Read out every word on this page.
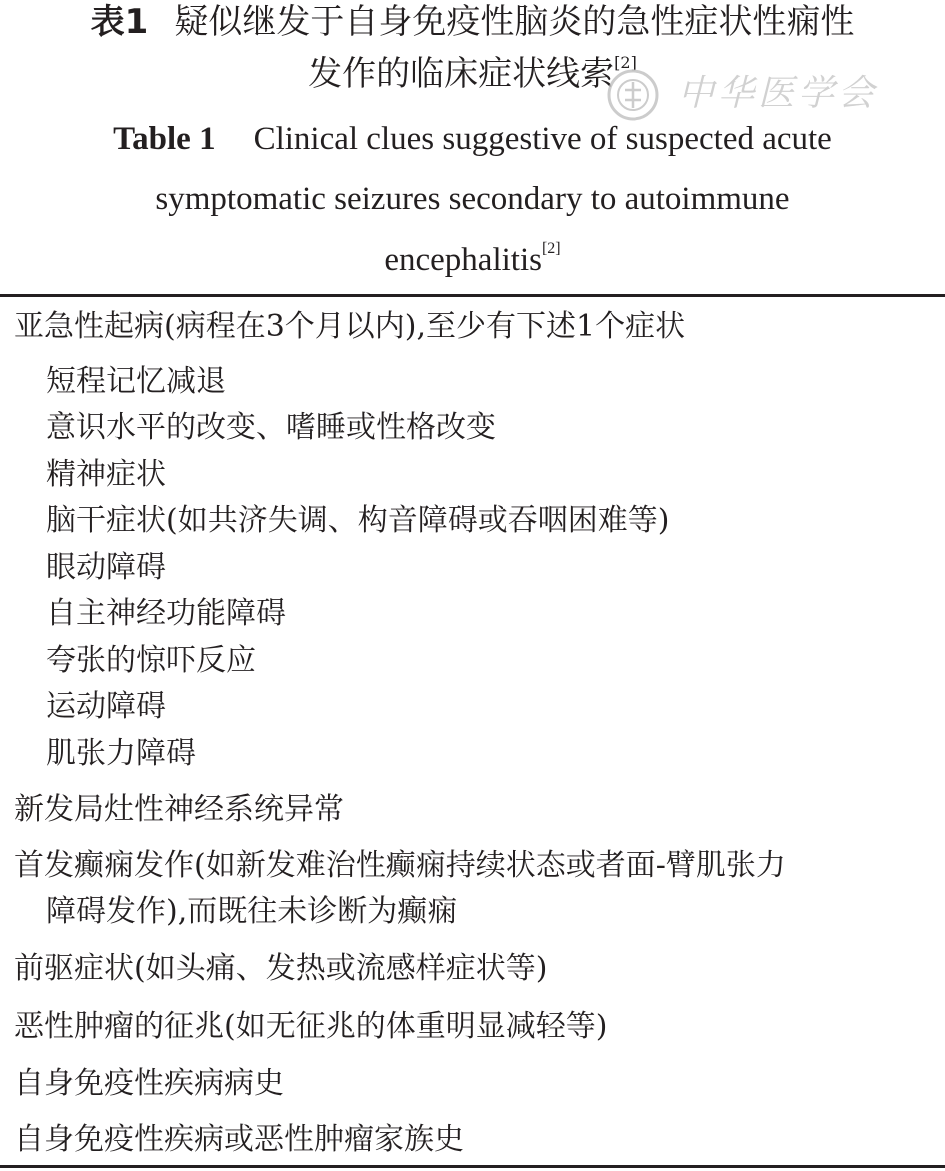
表1 疑似继发于自身免疫性脑炎的急性症状性痫性
发作的临床症状线索[2]
Table 1 Clinical clues suggestive of suspected acute
symptomatic seizures secondary to autoimmune
encephalitis[2]
中华医学会
亚急性起病(病程在3个月以内),至少有下述1个症状
短程记忆减退
意识水平的改变、嗜睡或性格改变
精神症状
脑干症状(如共济失调、构音障碍或吞咽困难等)
眼动障碍
自主神经功能障碍
夸张的惊吓反应
运动障碍
肌张力障碍
新发局灶性神经系统异常
首发癫痫发作(如新发难治性癫痫持续状态或者面-臂肌张力
障碍发作),而既往未诊断为癫痫
前驱症状(如头痛、发热或流感样症状等)
恶性肿瘤的征兆(如无征兆的体重明显减轻等)
自身免疫性疾病病史
自身免疫性疾病或恶性肿瘤家族史
